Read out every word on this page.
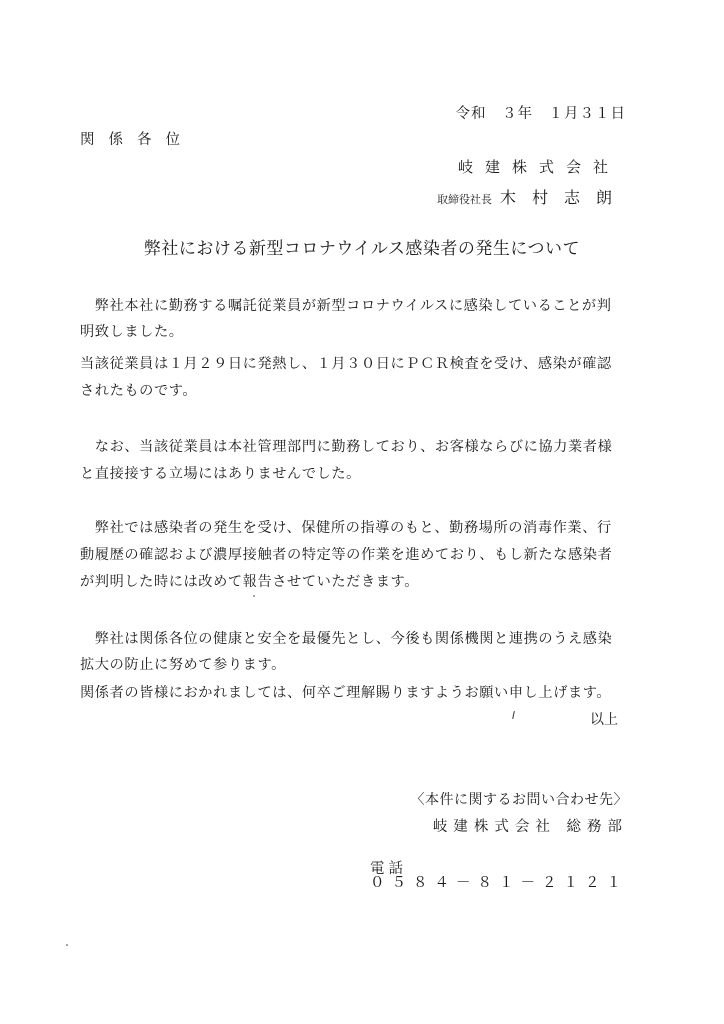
令和　３年　１月３１日
関係各位
岐建株式会社
取締役社長 木村志朗
弊社における新型コロナウイルス感染者の発生について
　弊社本社に勤務する嘱託従業員が新型コロナウイルスに感染していることが判
明致しました。
当該従業員は１月２９日に発熱し、１月３０日にＰＣＲ検査を受け、感染が確認
されたものです。
　なお、当該従業員は本社管理部門に勤務しており、お客様ならびに協力業者様
と直接接する立場にはありませんでした。
　弊社では感染者の発生を受け、保健所の指導のもと、勤務場所の消毒作業、行
動履歴の確認および濃厚接触者の特定等の作業を進めており、もし新たな感染者
が判明した時には改めて報告させていただきます。
　弊社は関係各位の健康と安全を最優先とし、今後も関係機関と連携のうえ感染
拡大の防止に努めて参ります。
関係者の皆様におかれましては、何卒ご理解賜りますようお願い申し上げます。
以上
〈本件に関するお問い合わせ先〉
岐建株式会社 総務部

電話
０５８４－８１－２１２１
